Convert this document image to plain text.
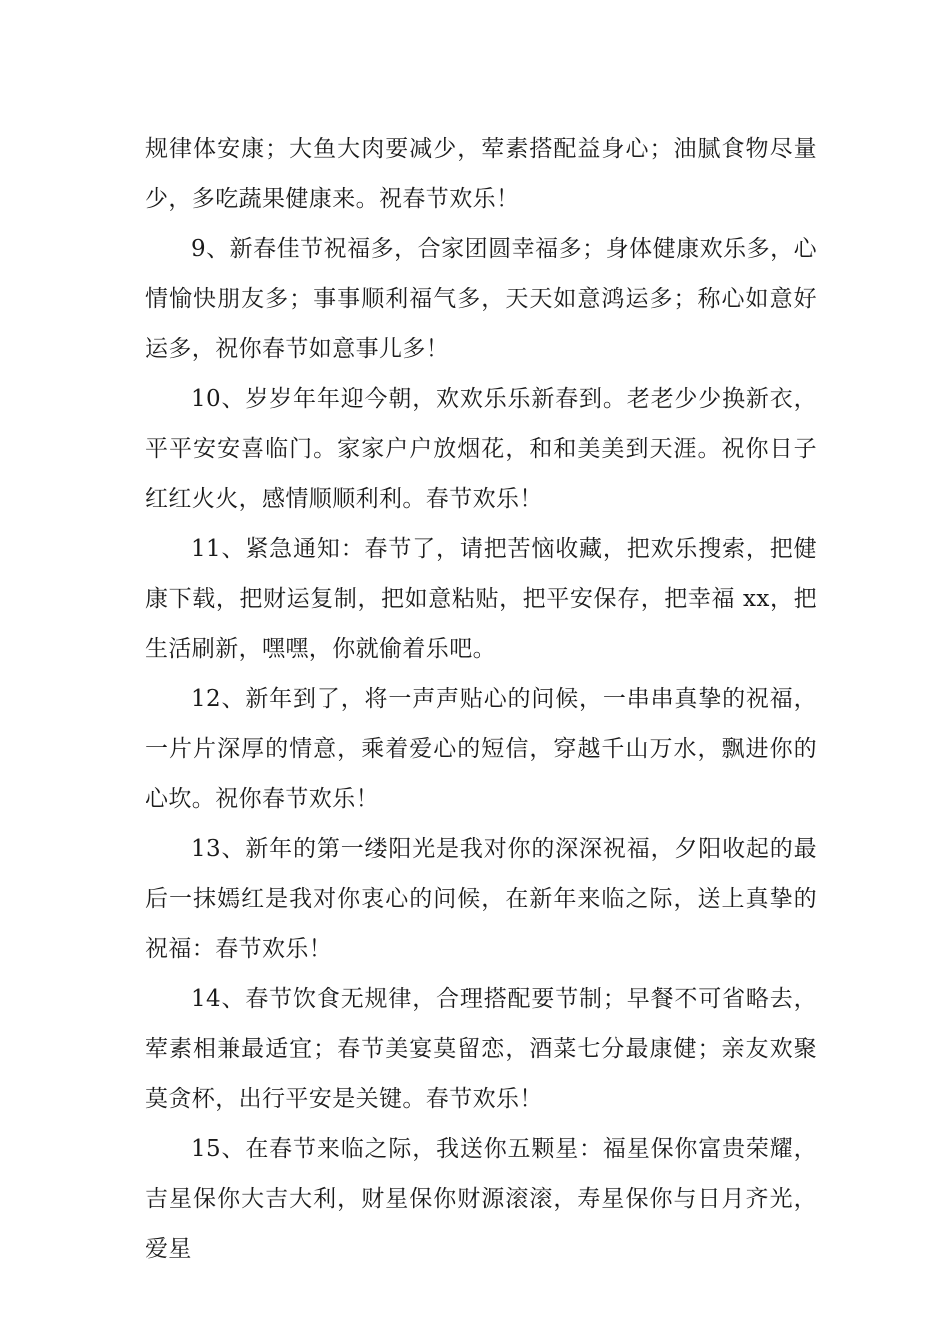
规律体安康；大鱼大肉要减少，荤素搭配益身心；油腻食物尽量少，多吃蔬果健康来。祝春节欢乐！

9、新春佳节祝福多，合家团圆幸福多；身体健康欢乐多，心情愉快朋友多；事事顺利福气多，天天如意鸿运多；称心如意好运多，祝你春节如意事儿多！

10、岁岁年年迎今朝，欢欢乐乐新春到。老老少少换新衣，平平安安喜临门。家家户户放烟花，和和美美到天涯。祝你日子红红火火，感情顺顺利利。春节欢乐！

11、紧急通知：春节了，请把苦恼收藏，把欢乐搜索，把健康下载，把财运复制，把如意粘贴，把平安保存，把幸福 xx，把生活刷新，嘿嘿，你就偷着乐吧。

12、新年到了，将一声声贴心的问候，一串串真挚的祝福，一片片深厚的情意，乘着爱心的短信，穿越千山万水，飘进你的心坎。祝你春节欢乐！

13、新年的第一缕阳光是我对你的深深祝福，夕阳收起的最后一抹嫣红是我对你衷心的问候，在新年来临之际，送上真挚的祝福：春节欢乐！

14、春节饮食无规律，合理搭配要节制；早餐不可省略去，荤素相兼最适宜；春节美宴莫留恋，酒菜七分最康健；亲友欢聚莫贪杯，出行平安是关键。春节欢乐！

15、在春节来临之际，我送你五颗星：福星保你富贵荣耀，吉星保你大吉大利，财星保你财源滚滚，寿星保你与日月齐光，爱星
